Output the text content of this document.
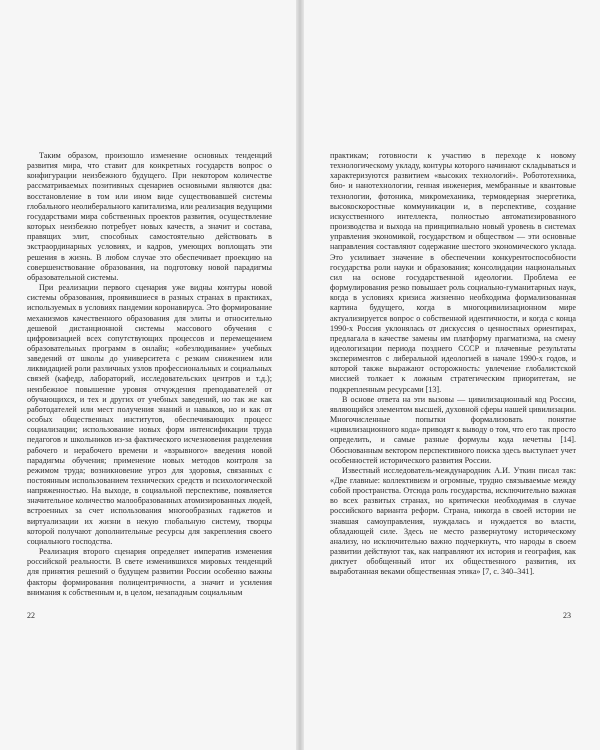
Таким образом, произошло изменение основных тенденций развития мира, что ставит для конкретных государств вопрос о конфигурации неизбежного будущего. При некотором количестве рассматриваемых позитивных сценариев основными являются два: восстановление в том или ином виде существовавшей системы глобального неолиберального капитализма, или реализация ведущими государствами мира собственных проектов развития, осуществление которых неизбежно потребует новых качеств, а значит и состава, правящих элит, способных самостоятельно действовать в экстраординарных условиях, и кадров, умеющих воплощать эти решения в жизнь. В любом случае это обеспечивает проекцию на совершенствование образования, на подготовку новой парадигмы образовательной системы.

При реализации первого сценария уже видны контуры новой системы образования, проявившиеся в разных странах в практиках, используемых в условиях пандемии коронавируса. Это формирование механизмов качественного образования для элиты и относительно дешевой дистанционной системы массового обучения с цифровизацией всех сопутствующих процессов и перемещением образовательных программ в онлайн; «обезлюдивание» учебных заведений от школы до университета с резким снижением или ликвидацией роли различных узлов профессиональных и социальных связей (кафедр, лабораторий, исследовательских центров и т.д.); неизбежное повышение уровня отчуждения преподавателей от обучающихся, и тех и других от учебных заведений, но так же как работодателей или мест получения знаний и навыков, но и как от особых общественных институтов, обеспечивающих процесс социализации; использование новых форм интенсификации труда педагогов и школьников из-за фактического исчезновения разделения рабочего и нерабочего времени и «взрывного» введения новой парадигмы обучения; применение новых методов контроля за режимом труда; возникновение угроз для здоровья, связанных с постоянным использованием технических средств и психологической напряженностью. На выходе, в социальной перспективе, появляется значительное количество малообразованных атомизированных людей, встроенных за счет использования многообразных гаджетов и виртуализации их жизни в некую глобальную систему, творцы которой получают дополнительные ресурсы для закрепления своего социального господства.

Реализация второго сценария определяет императив изменения российской реальности. В свете изменившихся мировых тенденций для принятия решений о будущем развитии России особенно важны факторы формирования полицентричности, а значит и усиления внимания к собственным и, в целом, незападным социальным

22

практикам; готовности к участию в переходе к новому технологическому укладу, контуры которого начинают складываться и характеризуются развитием «высоких технологий». Робототехника, био- и нанотехнологии, генная инженерия, мембранные и квантовые технологии, фотоника, микромеханика, термоядерная энергетика, высокоскоростные коммуникации и, в перспективе, создание искусственного интеллекта, полностью автоматизированного производства и выхода на принципиально новый уровень в системах управления экономикой, государством и обществом — эти основные направления составляют содержание шестого экономического уклада. Это усиливает значение в обеспечении конкурентоспособности государства роли науки и образования; консолидации национальных сил на основе государственной идеологии. Проблема ее формулирования резко повышает роль социально-гуманитарных наук, когда в условиях кризиса жизненно необходима формализованная картина будущего, когда в многоцивилизационном мире актуализируется вопрос о собственной идентичности, и когда с конца 1990-х Россия уклонялась от дискуссия о ценностных ориентирах, предлагала в качестве замены им платформу прагматизма, на смену идеологизации периода позднего СССР и плачевные результаты экспериментов с либеральной идеологией в начале 1990-х годов, и которой также выражают осторожность: увлечение глобалистской миссией толкает к ложным стратегическим приоритетам, не подкрепленным ресурсами [13].

В основе ответа на эти вызовы — цивилизационный код России, являющийся элементом высшей, духовной сферы нашей цивилизации. Многочисленные попытки формализовать понятие «цивилизационного кода» приводят к выводу о том, что его так просто определить, и самые разные формулы кода нечетны [14]. Обоснованным вектором перспективного поиска здесь выступает учет особенностей исторического развития России.

Известный исследователь-международник А.И. Уткин писал так: «Две главные: коллективизм и огромные, трудно связываемые между собой пространства. Отсюда роль государства, исключительно важная во всех развитых странах, но критически необходимая в случае российского варианта реформ. Страна, никогда в своей истории не знавшая самоуправления, нуждалась и нуждается во власти, обладающей силе. Здесь не место развернутому историческому анализу, но исключительно важно подчеркнуть, что народы в своем развитии действуют так, как направляют их история и география, как диктует обобщенный итог их общественного развития, их выработанная веками общественная этика» [7, с. 340–341].

23
